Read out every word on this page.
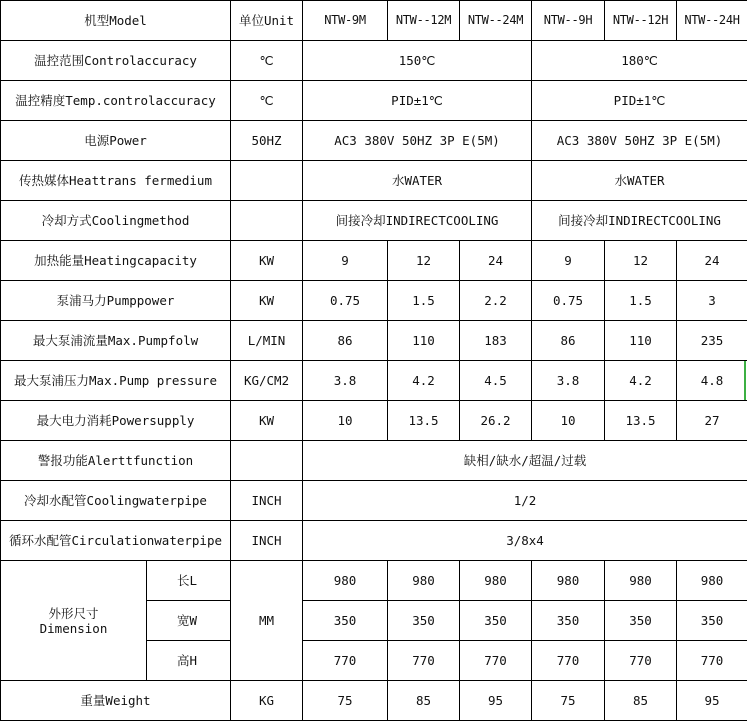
机型Model		单位Unit	NTW-9M	NTW--12M	NTW--24M	NTW--9H	NTW--12H	NTW--24H
温控范围Controlaccuracy		℃	150℃			180℃		
温控精度Temp.controlaccuracy		℃	PID±1℃			PID±1℃		
电源Power		50HZ	AC3 380V 50HZ 3P E(5M)			AC3 380V 50HZ 3P E(5M)		
传热媒体Heattrans fermedium			水WATER			水WATER		
冷却方式Coolingmethod			间接冷却INDIRECTCOOLING			间接冷却INDIRECTCOOLING		
加热能量Heatingcapacity		KW	9	12	24	9	12	24
泵浦马力Pumppower		KW	0.75	1.5	2.2	0.75	1.5	3
最大泵浦流量Max.Pumpfolw		L/MIN	86	110	183	86	110	235
最大泵浦压力Max.Pump pressure		KG/CM2	3.8	4.2	4.5	3.8	4.2	4.8
最大电力消耗Powersupply		KW	10	13.5	26.2	10	13.5	27
警报功能Alerttfunction			缺相/缺水/超温/过载					
冷却水配管Coolingwaterpipe		INCH	1/2					
循环水配管Circulationwaterpipe		INCH	3/8x4					

外形尺寸
Dimension	长L	MM	980	980	980	980	980	980
	宽W		350	350	350	350	350	350
	高H		770	770	770	770	770	770
重量Weight		KG	75	85	95	75	85	95
